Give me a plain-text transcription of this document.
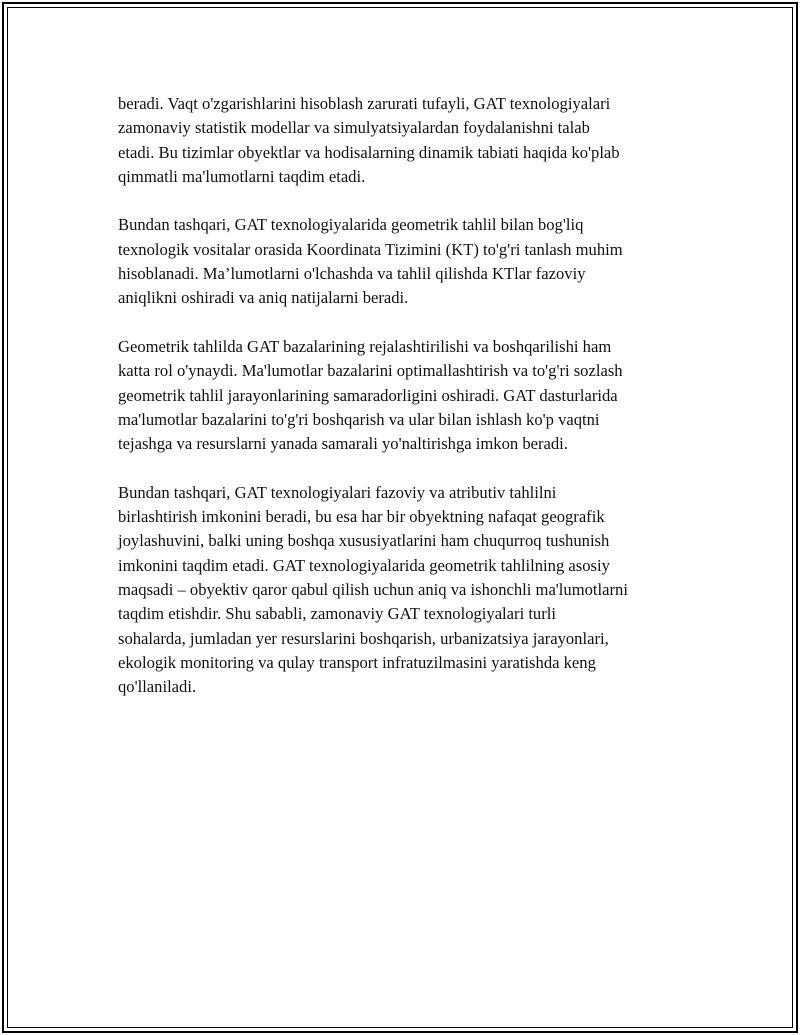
beradi. Vaqt o'zgarishlarini hisoblash zarurati tufayli, GAT texnologiyalari
zamonaviy statistik modellar va simulyatsiyalardan foydalanishni talab
etadi. Bu tizimlar obyektlar va hodisalarning dinamik tabiati haqida ko'plab
qimmatli ma'lumotlarni taqdim etadi.

Bundan tashqari, GAT texnologiyalarida geometrik tahlil bilan bog'liq
texnologik vositalar orasida Koordinata Tizimini (KT) to'g'ri tanlash muhim
hisoblanadi. Ma’lumotlarni o'lchashda va tahlil qilishda KTlar fazoviy
aniqlikni oshiradi va aniq natijalarni beradi.

Geometrik tahlilda GAT bazalarining rejalashtirilishi va boshqarilishi ham
katta rol o'ynaydi. Ma'lumotlar bazalarini optimallashtirish va to'g'ri sozlash
geometrik tahlil jarayonlarining samaradorligini oshiradi. GAT dasturlarida
ma'lumotlar bazalarini to'g'ri boshqarish va ular bilan ishlash ko'p vaqtni
tejashga va resurslarni yanada samarali yo'naltirishga imkon beradi.

Bundan tashqari, GAT texnologiyalari fazoviy va atributiv tahlilni
birlashtirish imkonini beradi, bu esa har bir obyektning nafaqat geografik
joylashuvini, balki uning boshqa xususiyatlarini ham chuqurroq tushunish
imkonini taqdim etadi. GAT texnologiyalarida geometrik tahlilning asosiy
maqsadi – obyektiv qaror qabul qilish uchun aniq va ishonchli ma'lumotlarni
taqdim etishdir. Shu sababli, zamonaviy GAT texnologiyalari turli
sohalarda, jumladan yer resurslarini boshqarish, urbanizatsiya jarayonlari,
ekologik monitoring va qulay transport infratuzilmasini yaratishda keng
qo'llaniladi.
